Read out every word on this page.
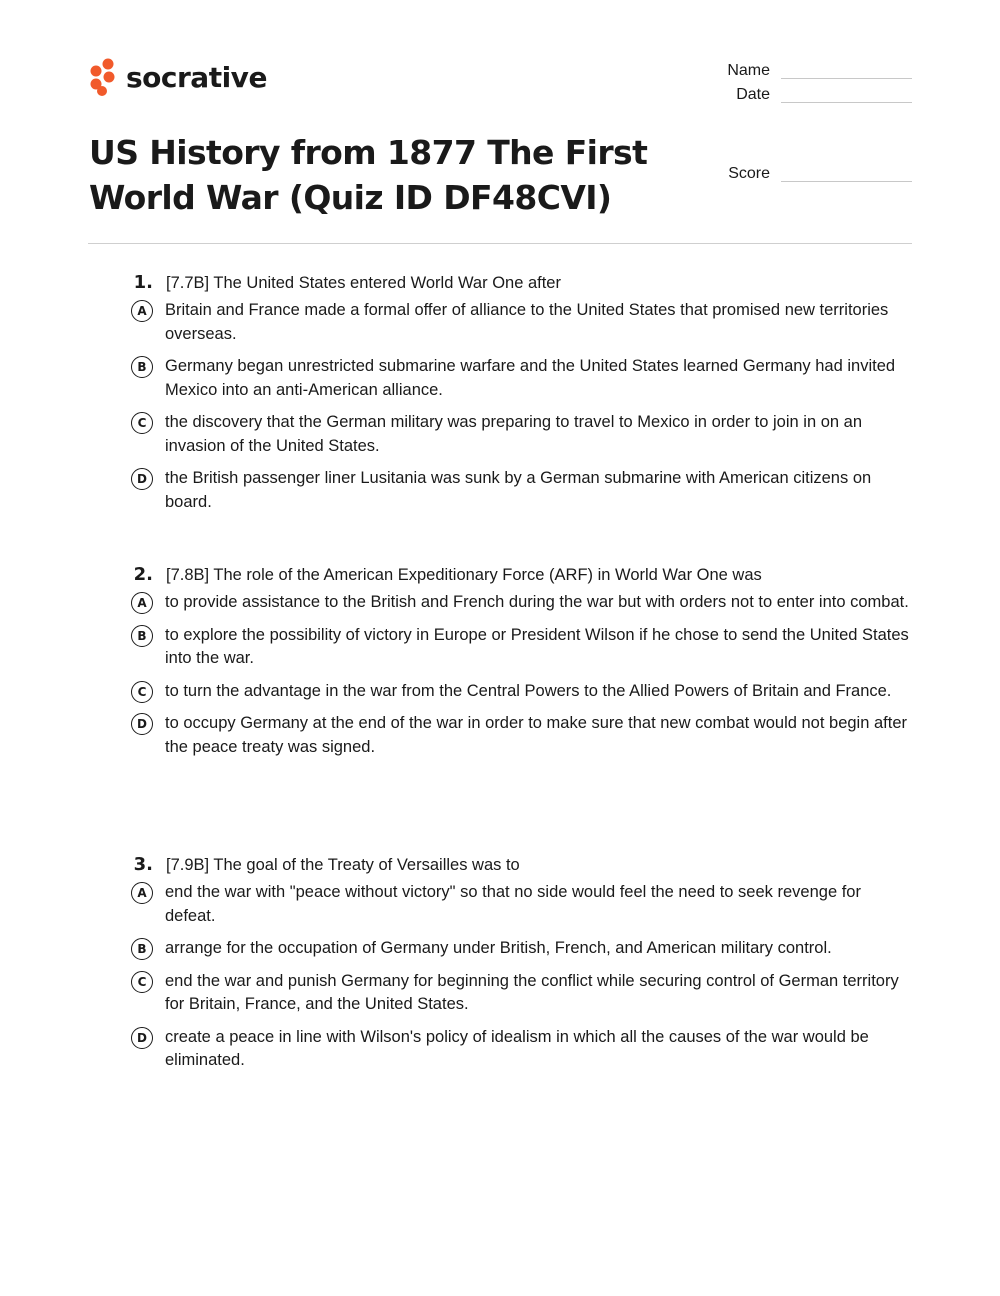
socrative
US History from 1877 The First World War (Quiz ID DF48CVI)
Name
Date
Score
1. [7.7B] The United States entered World War One after
A	Britain and France made a formal offer of alliance to the United States that promised new territories overseas.
B	Germany began unrestricted submarine warfare and the United States learned Germany had invited Mexico into an anti-American alliance.
C	the discovery that the German military was preparing to travel to Mexico in order to join in on an invasion of the United States.
D	the British passenger liner Lusitania was sunk by a German submarine with American citizens on board.
2. [7.8B] The role of the American Expeditionary Force (ARF) in World War One was
A	to provide assistance to the British and French during the war but with orders not to enter into combat.
B	to explore the possibility of victory in Europe or President Wilson if he chose to send the United States into the war.
C	to turn the advantage in the war from the Central Powers to the Allied Powers of Britain and France.
D	to occupy Germany at the end of the war in order to make sure that new combat would not begin after the peace treaty was signed.
3. [7.9B] The goal of the Treaty of Versailles was to
A	end the war with "peace without victory" so that no side would feel the need to seek revenge for defeat.
B	arrange for the occupation of Germany under British, French, and American military control.
C	end the war and punish Germany for beginning the conflict while securing control of German territory for Britain, France, and the United States.
D	create a peace in line with Wilson's policy of idealism in which all the causes of the war would be eliminated.
